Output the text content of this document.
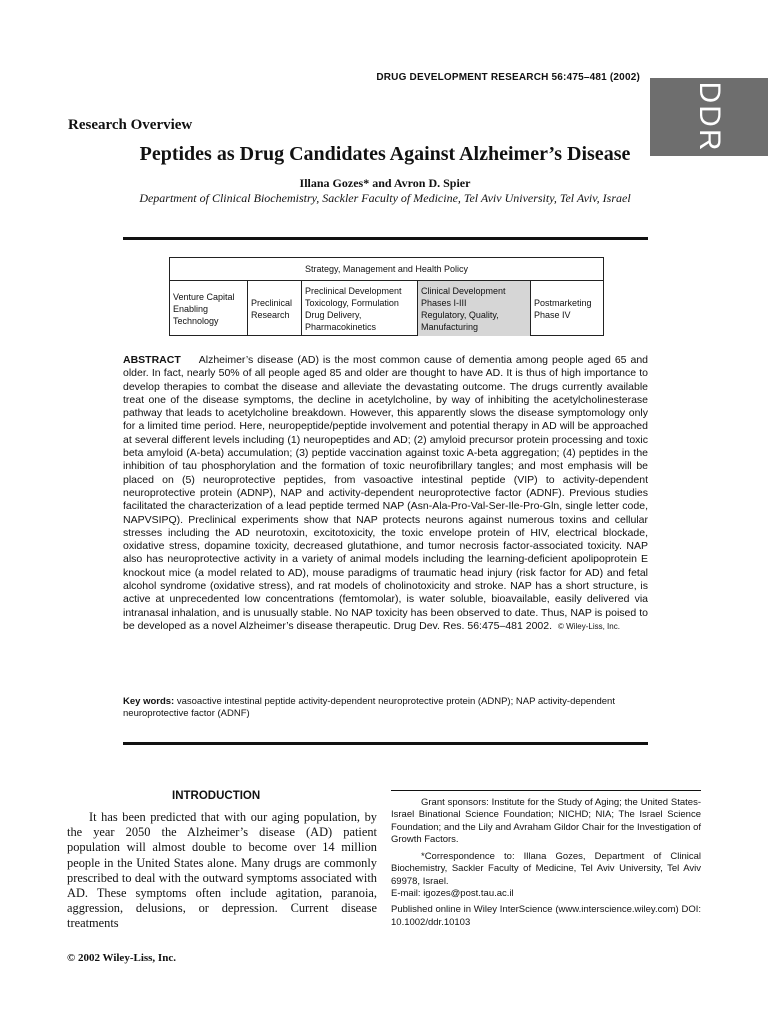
DRUG DEVELOPMENT RESEARCH 56:475–481 (2002)
DDR
Research Overview
Peptides as Drug Candidates Against Alzheimer’s Disease
Illana Gozes* and Avron D. Spier
Department of Clinical Biochemistry, Sackler Faculty of Medicine, Tel Aviv University, Tel Aviv, Israel
Strategy, Management and Health Policy
Venture Capital
Enabling
Technology
Preclinical
Research
Preclinical Development
Toxicology, Formulation
Drug Delivery,
Pharmacokinetics
Clinical Development
Phases I-III
Regulatory, Quality,
Manufacturing
Postmarketing
Phase IV
ABSTRACT Alzheimer’s disease (AD) is the most common cause of dementia among people aged 65 and older. In fact, nearly 50% of all people aged 85 and older are thought to have AD. It is thus of high importance to develop therapies to combat the disease and alleviate the devastating outcome. The drugs currently available treat one of the disease symptoms, the decline in acetylcholine, by way of inhibiting the acetylcholinesterase pathway that leads to acetylcholine breakdown. However, this apparently slows the disease symptomology only for a limited time period. Here, neuropeptide/peptide involvement and potential therapy in AD will be approached at several different levels including (1) neuropeptides and AD; (2) amyloid precursor protein processing and toxic beta amyloid (A-beta) accumulation; (3) peptide vaccination against toxic A-beta aggregation; (4) peptides in the inhibition of tau phosphorylation and the formation of toxic neurofibrillary tangles; and most emphasis will be placed on (5) neuroprotective peptides, from vasoactive intestinal peptide (VIP) to activity-dependent neuroprotective protein (ADNP), NAP and activity-dependent neuroprotective factor (ADNF). Previous studies facilitated the characterization of a lead peptide termed NAP (Asn-Ala-Pro-Val-Ser-Ile-Pro-Gln, single letter code, NAPVSIPQ). Preclinical experiments show that NAP protects neurons against numerous toxins and cellular stresses including the AD neurotoxin, excitotoxicity, the toxic envelope protein of HIV, electrical blockade, oxidative stress, dopamine toxicity, decreased glutathione, and tumor necrosis factor-associated toxicity. NAP also has neuroprotective activity in a variety of animal models including the learning-deficient apolipoprotein E knockout mice (a model related to AD), mouse paradigms of traumatic head injury (risk factor for AD) and fetal alcohol syndrome (oxidative stress), and rat models of cholinotoxicity and stroke. NAP has a short structure, is active at unprecedented low concentrations (femtomolar), is water soluble, bioavailable, easily delivered via intranasal inhalation, and is unusually stable. No NAP toxicity has been observed to date. Thus, NAP is poised to be developed as a novel Alzheimer’s disease therapeutic. Drug Dev. Res. 56:475–481 2002. © Wiley-Liss, Inc.
Key words: vasoactive intestinal peptide activity-dependent neuroprotective protein (ADNP); NAP activity-dependent neuroprotective factor (ADNF)
INTRODUCTION
It has been predicted that with our aging population, by the year 2050 the Alzheimer’s disease (AD) patient population will almost double to become over 14 million people in the United States alone. Many drugs are commonly prescribed to deal with the outward symptoms associated with AD. These symptoms often include agitation, paranoia, aggression, delusions, or depression. Current disease treatments
© 2002 Wiley-Liss, Inc.

Grant sponsors: Institute for the Study of Aging; the United States-Israel Binational Science Foundation; NICHD; NIA; The Israel Science Foundation; and the Lily and Avraham Gildor Chair for the Investigation of Growth Factors.

*Correspondence to: Illana Gozes, Department of Clinical Biochemistry, Sackler Faculty of Medicine, Tel Aviv University, Tel Aviv 69978, Israel.

E-mail: igozes@post.tau.ac.il

Published online in Wiley InterScience (www.interscience.wiley.com) DOI: 10.1002/ddr.10103
